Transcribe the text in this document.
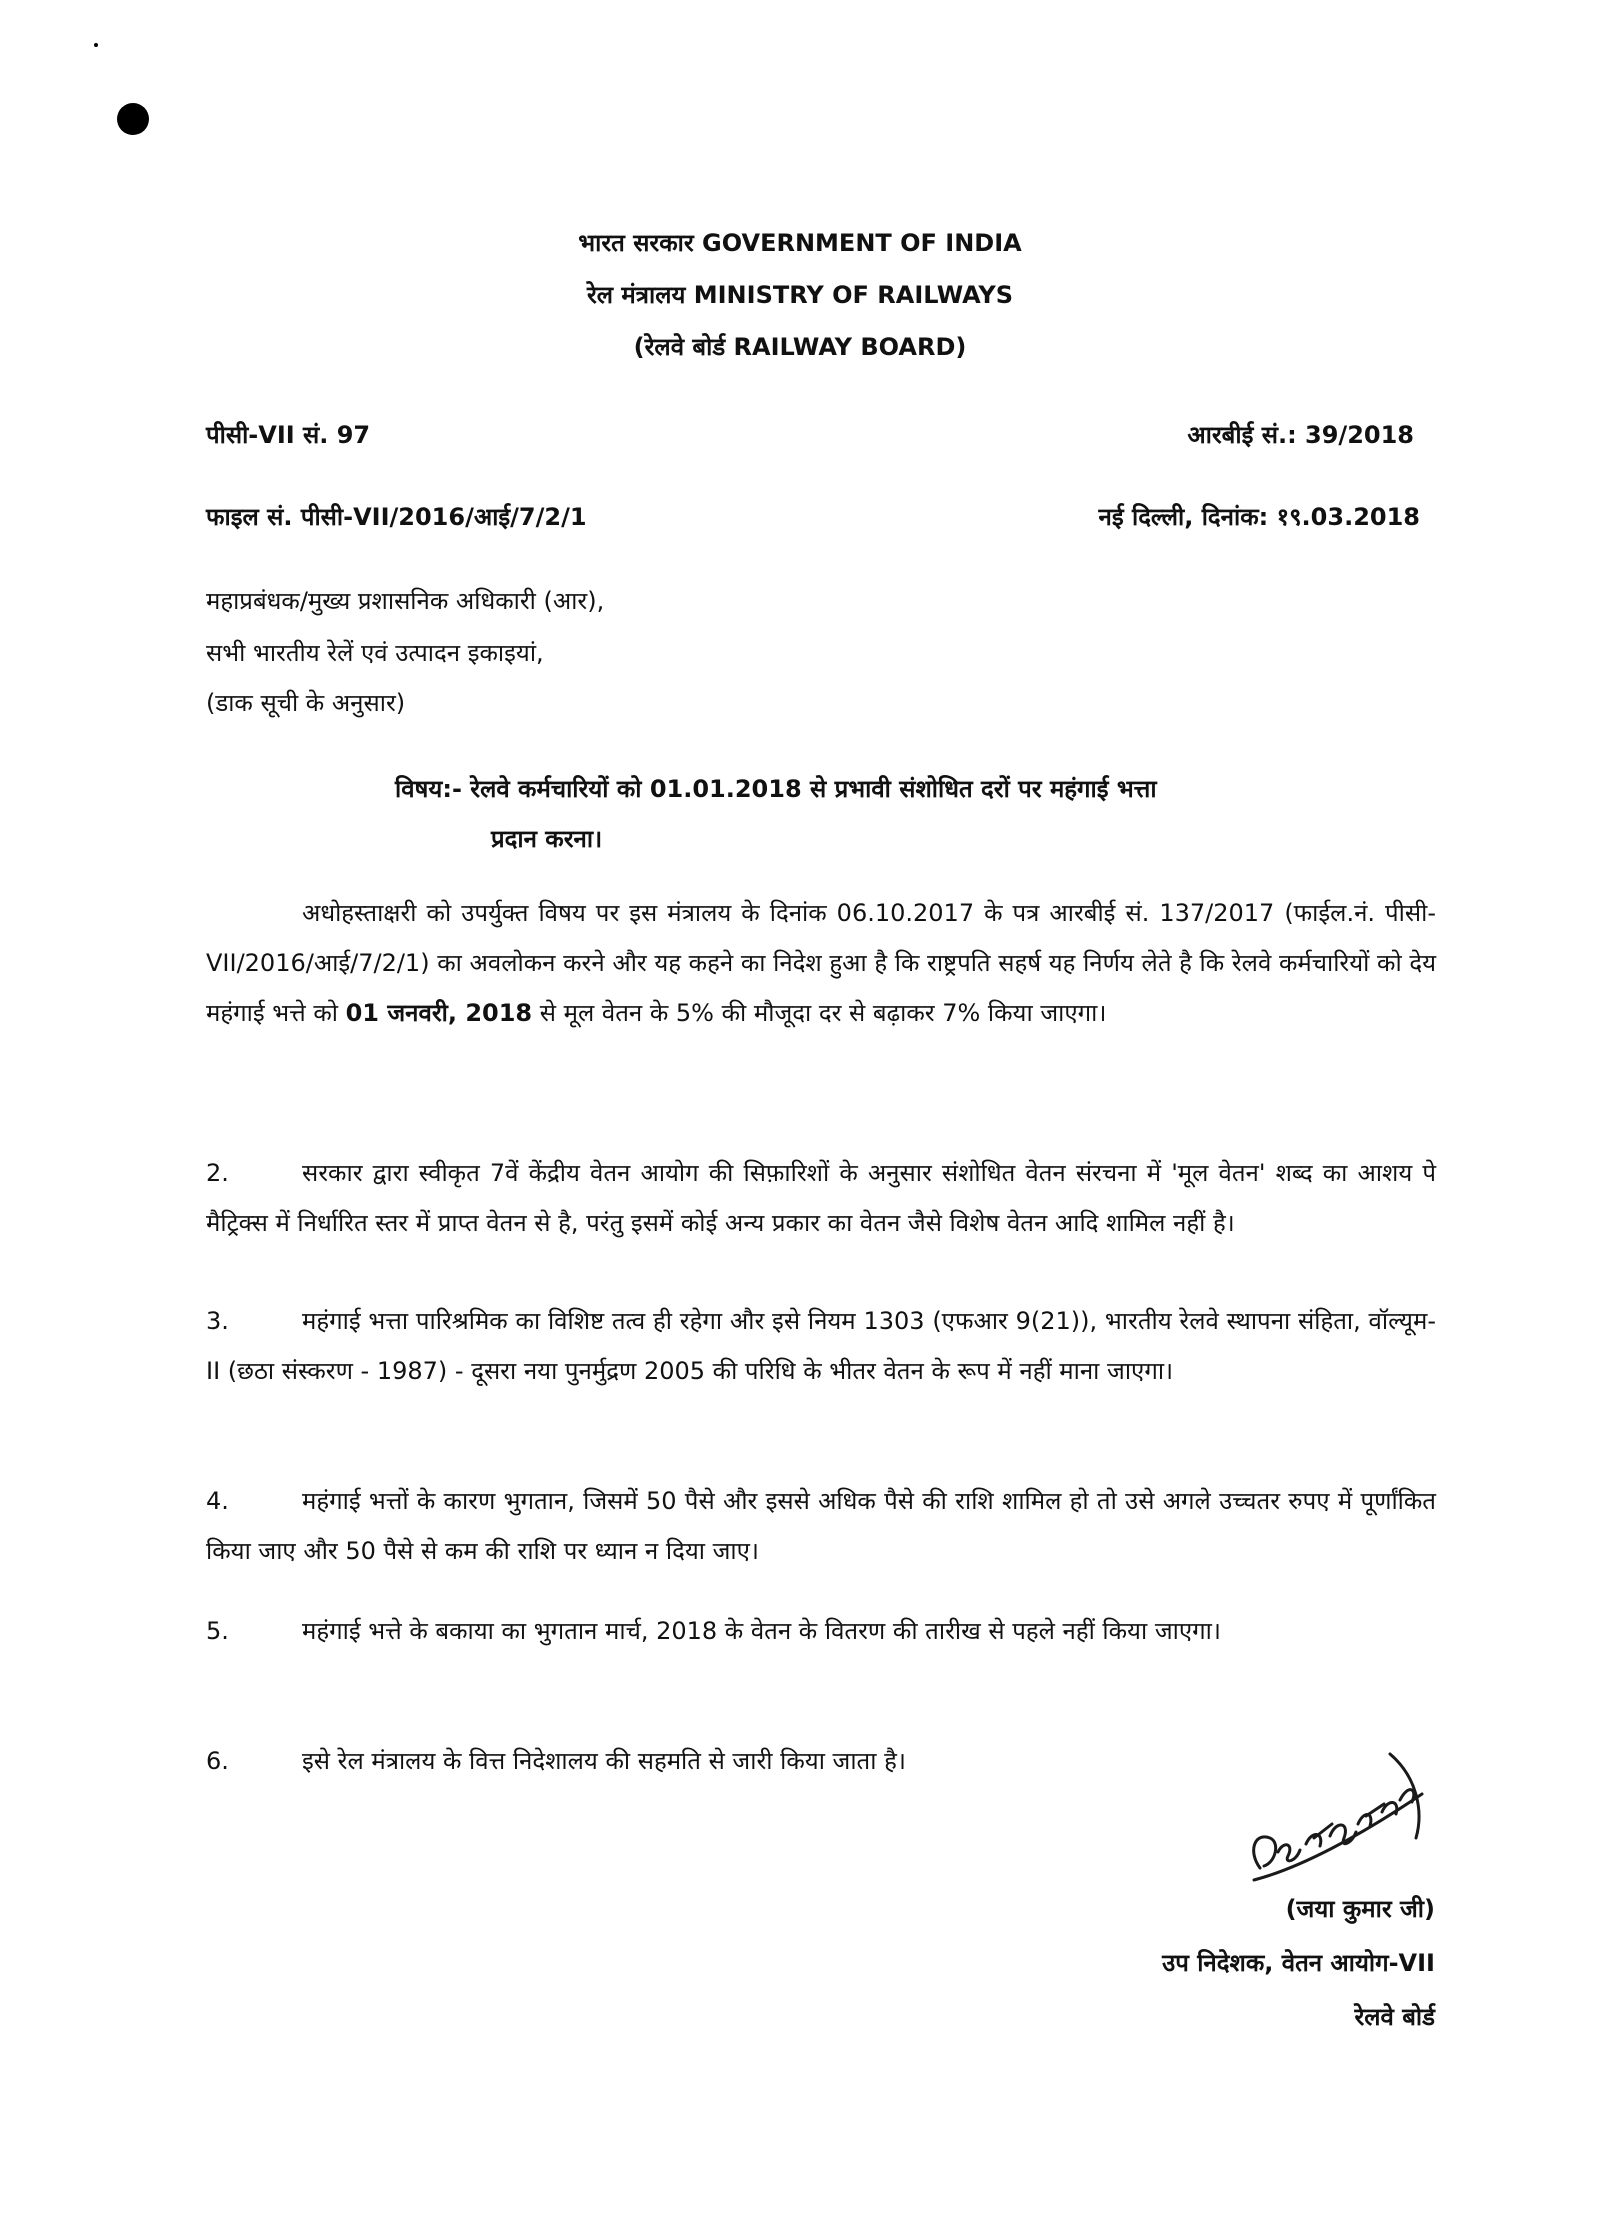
भारत सरकार GOVERNMENT OF INDIA
रेल मंत्रालय MINISTRY OF RAILWAYS
(रेलवे बोर्ड RAILWAY BOARD)
पीसी-VII सं. 97	आरबीई सं.: 39/2018
फाइल सं. पीसी-VII/2016/आई/7/2/1	नई दिल्ली, दिनांक: १९.03.2018
महाप्रबंधक/मुख्य प्रशासनिक अधिकारी (आर),
सभी भारतीय रेलें एवं उत्पादन इकाइयां,
(डाक सूची के अनुसार)
विषय:- रेलवे कर्मचारियों को 01.01.2018 से प्रभावी संशोधित दरों पर महंगाई भत्ता
प्रदान करना।
अधोहस्ताक्षरी को उपर्युक्त विषय पर इस मंत्रालय के दिनांक 06.10.2017 के पत्र आरबीई सं. 137/2017 (फाईल.नं. पीसी-VII/2016/आई/7/2/1) का अवलोकन करने और यह कहने का निदेश हुआ है कि राष्ट्रपति सहर्ष यह निर्णय लेते है कि रेलवे कर्मचारियों को देय महंगाई भत्ते को 01 जनवरी, 2018 से मूल वेतन के 5% की मौजूदा दर से बढ़ाकर 7% किया जाएगा।
2.	सरकार द्वारा स्वीकृत 7वें केंद्रीय वेतन आयोग की सिफ़ारिशों के अनुसार संशोधित वेतन संरचना में 'मूल वेतन' शब्द का आशय पे मैट्रिक्स में निर्धारित स्तर में प्राप्त वेतन से है, परंतु इसमें कोई अन्य प्रकार का वेतन जैसे विशेष वेतन आदि शामिल नहीं है।
3.	महंगाई भत्ता पारिश्रमिक का विशिष्ट तत्व ही रहेगा और इसे नियम 1303 (एफआर 9(21)), भारतीय रेलवे स्थापना संहिता, वॉल्यूम-II (छठा संस्करण - 1987) - दूसरा नया पुनर्मुद्रण 2005 की परिधि के भीतर वेतन के रूप में नहीं माना जाएगा।
4.	महंगाई भत्तों के कारण भुगतान, जिसमें 50 पैसे और इससे अधिक पैसे की राशि शामिल हो तो उसे अगले उच्चतर रुपए में पूर्णांकित किया जाए और 50 पैसे से कम की राशि पर ध्यान न दिया जाए।
5.	महंगाई भत्ते के बकाया का भुगतान मार्च, 2018 के वेतन के वितरण की तारीख से पहले नहीं किया जाएगा।
6.	इसे रेल मंत्रालय के वित्त निदेशालय की सहमति से जारी किया जाता है।
(जया कुमार जी)
उप निदेशक, वेतन आयोग-VII
रेलवे बोर्ड
